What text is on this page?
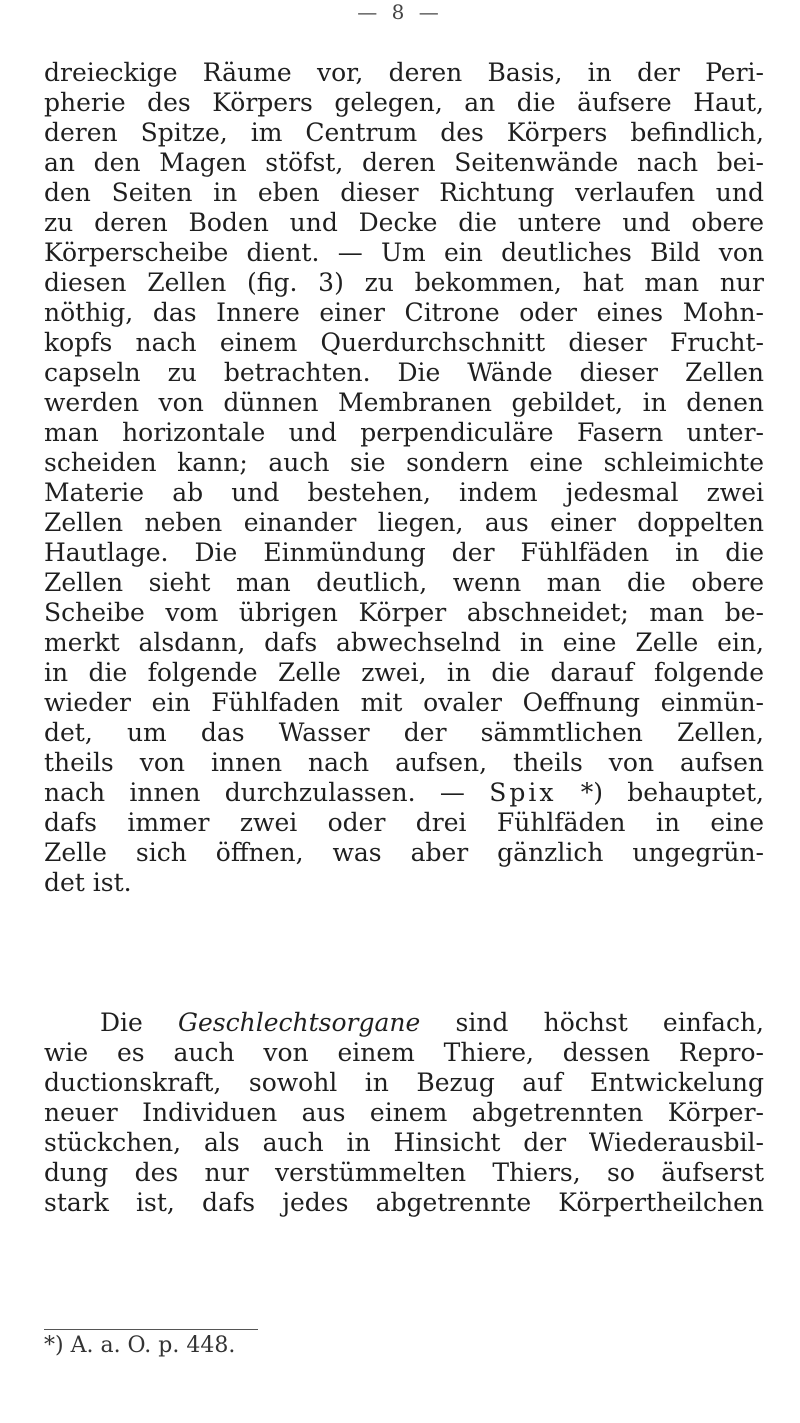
— 8 —
dreieckige Räume vor, deren Basis, in der Peri-
pherie des Körpers gelegen, an die äufsere Haut,
deren Spitze, im Centrum des Körpers befindlich,
an den Magen stöfst, deren Seitenwände nach bei-
den Seiten in eben dieser Richtung verlaufen und
zu deren Boden und Decke die untere und obere
Körperscheibe dient. — Um ein deutliches Bild von
diesen Zellen (fig. 3) zu bekommen, hat man nur
nöthig, das Innere einer Citrone oder eines Mohn-
kopfs nach einem Querdurchschnitt dieser Frucht-
capseln zu betrachten. Die Wände dieser Zellen
werden von dünnen Membranen gebildet, in denen
man horizontale und perpendiculäre Fasern unter-
scheiden kann; auch sie sondern eine schleimichte
Materie ab und bestehen, indem jedesmal zwei
Zellen neben einander liegen, aus einer doppelten
Hautlage. Die Einmündung der Fühlfäden in die
Zellen sieht man deutlich, wenn man die obere
Scheibe vom übrigen Körper abschneidet; man be-
merkt alsdann, dafs abwechselnd in eine Zelle ein,
in die folgende Zelle zwei, in die darauf folgende
wieder ein Fühlfaden mit ovaler Oeffnung einmün-
det, um das Wasser der sämmtlichen Zellen,
theils von innen nach aufsen, theils von aufsen
nach innen durchzulassen. — Spix *) behauptet,
dafs immer zwei oder drei Fühlfäden in eine
Zelle sich öffnen, was aber gänzlich ungegrün-
det ist.
Die Geschlechtsorgane sind höchst einfach,
wie es auch von einem Thiere, dessen Repro-
ductionskraft, sowohl in Bezug auf Entwickelung
neuer Individuen aus einem abgetrennten Körper-
stückchen, als auch in Hinsicht der Wiederausbil-
dung des nur verstümmelten Thiers, so äufserst
stark ist, dafs jedes abgetrennte Körpertheilchen
*) A. a. O. p. 448.
